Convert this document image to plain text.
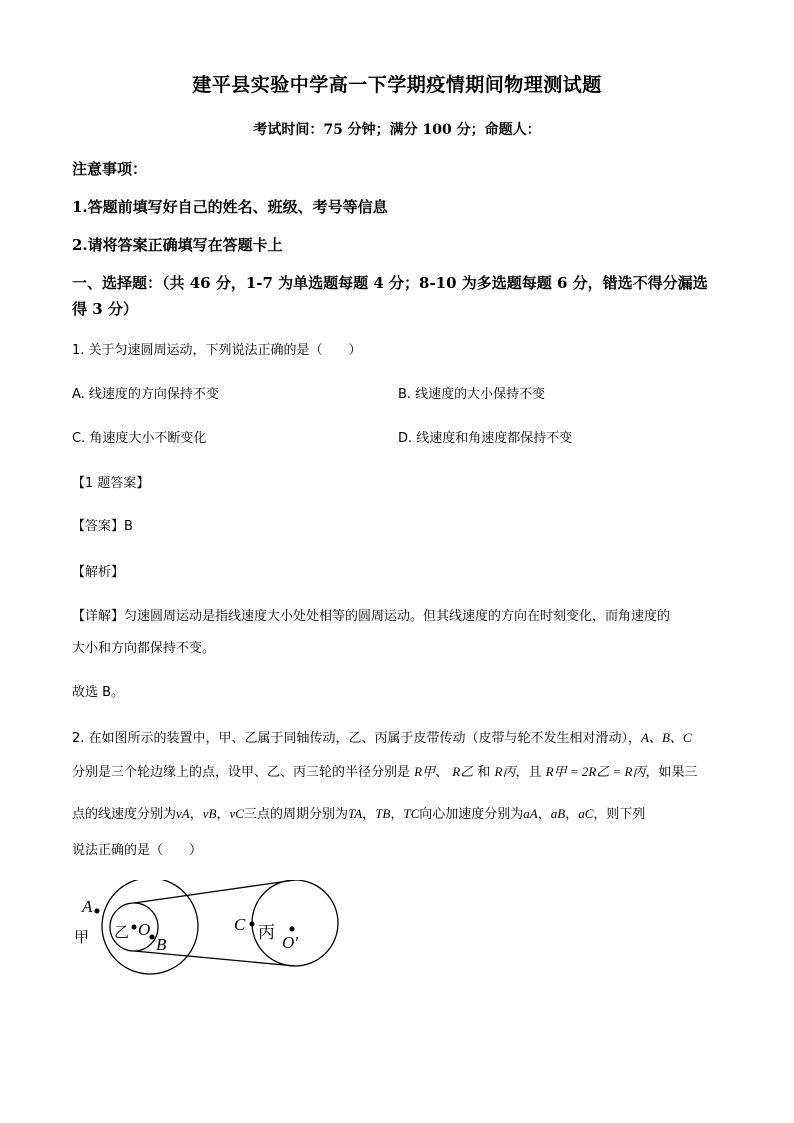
建平县实验中学高一下学期疫情期间物理测试题
考试时间：75 分钟；满分 100 分；命题人：
注意事项：
1.答题前填写好自己的姓名、班级、考号等信息
2.请将答案正确填写在答题卡上
一、选择题：（共 46 分，1-7 为单选题每题 4 分；8-10 为多选题每题 6 分，错选不得分漏选
得 3 分）
1. 关于匀速圆周运动，下列说法正确的是（　　）
A. 线速度的方向保持不变	B. 线速度的大小保持不变
C. 角速度大小不断变化	D. 线速度和角速度都保持不变
【1 题答案】
【答案】B
【解析】
【详解】匀速圆周运动是指线速度大小处处相等的圆周运动。但其线速度的方向在时刻变化，而角速度的
大小和方向都保持不变。
故选 B。
2. 在如图所示的装置中，甲、乙属于同轴传动，乙、丙属于皮带传动（皮带与轮不发生相对滑动），A、B、C
分别是三个轮边缘上的点，设甲、乙、丙三轮的半径分别是 R甲、 R乙 和 R丙，且 R甲 = 2R乙 = R丙，如果三
点的线速度分别为vA，vB，vC三点的周期分别为TA，TB，TC向心加速度分别为aA，aB，aC，则下列
说法正确的是（　　）
A
甲 乙 O
B
C 丙
O′
